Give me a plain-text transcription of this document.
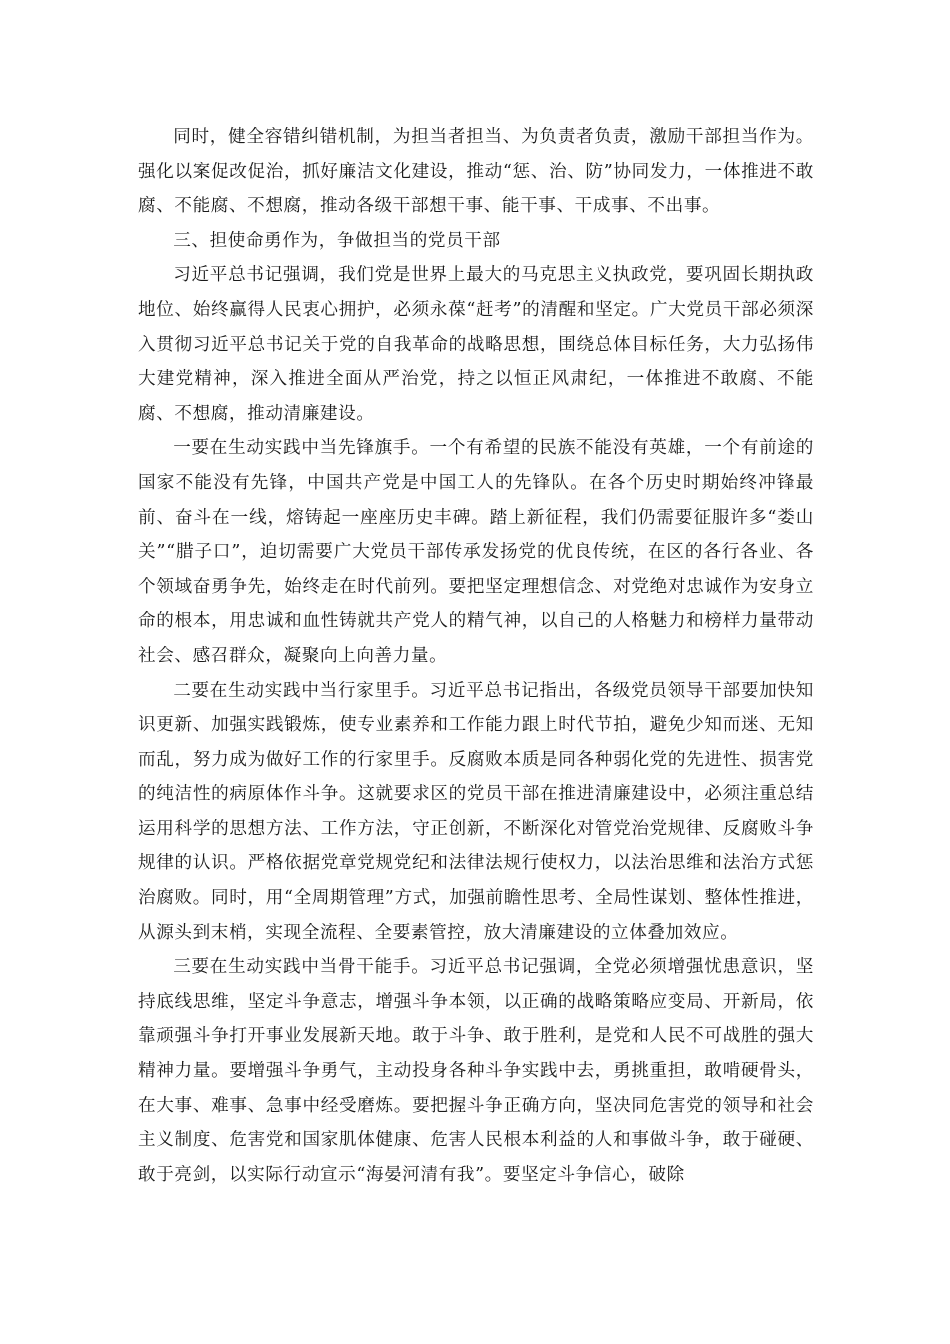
同时，健全容错纠错机制，为担当者担当、为负责者负责，激励干部担当作为。强化以案促改促治，抓好廉洁文化建设，推动“惩、治、防”协同发力，一体推进不敢腐、不能腐、不想腐，推动各级干部想干事、能干事、干成事、不出事。

三、担使命勇作为，争做担当的党员干部

习近平总书记强调，我们党是世界上最大的马克思主义执政党，要巩固长期执政地位、始终赢得人民衷心拥护，必须永葆“赶考”的清醒和坚定。广大党员干部必须深入贯彻习近平总书记关于党的自我革命的战略思想，围绕总体目标任务，大力弘扬伟大建党精神，深入推进全面从严治党，持之以恒正风肃纪，一体推进不敢腐、不能腐、不想腐，推动清廉建设。

一要在生动实践中当先锋旗手。一个有希望的民族不能没有英雄，一个有前途的国家不能没有先锋，中国共产党是中国工人的先锋队。在各个历史时期始终冲锋最前、奋斗在一线，熔铸起一座座历史丰碑。踏上新征程，我们仍需要征服许多“娄山关”“腊子口”，迫切需要广大党员干部传承发扬党的优良传统，在区的各行各业、各个领域奋勇争先，始终走在时代前列。要把坚定理想信念、对党绝对忠诚作为安身立命的根本，用忠诚和血性铸就共产党人的精气神，以自己的人格魅力和榜样力量带动社会、感召群众，凝聚向上向善力量。

二要在生动实践中当行家里手。习近平总书记指出，各级党员领导干部要加快知识更新、加强实践锻炼，使专业素养和工作能力跟上时代节拍，避免少知而迷、无知而乱，努力成为做好工作的行家里手。反腐败本质是同各种弱化党的先进性、损害党的纯洁性的病原体作斗争。这就要求区的党员干部在推进清廉建设中，必须注重总结运用科学的思想方法、工作方法，守正创新，不断深化对管党治党规律、反腐败斗争规律的认识。严格依据党章党规党纪和法律法规行使权力，以法治思维和法治方式惩治腐败。同时，用“全周期管理”方式，加强前瞻性思考、全局性谋划、整体性推进，从源头到末梢，实现全流程、全要素管控，放大清廉建设的立体叠加效应。

三要在生动实践中当骨干能手。习近平总书记强调，全党必须增强忧患意识，坚持底线思维，坚定斗争意志，增强斗争本领，以正确的战略策略应变局、开新局，依靠顽强斗争打开事业发展新天地。敢于斗争、敢于胜利，是党和人民不可战胜的强大精神力量。要增强斗争勇气，主动投身各种斗争实践中去，勇挑重担，敢啃硬骨头，在大事、难事、急事中经受磨炼。要把握斗争正确方向，坚决同危害党的领导和社会主义制度、危害党和国家肌体健康、危害人民根本利益的人和事做斗争，敢于碰硬、敢于亮剑，以实际行动宣示“海晏河清有我”。要坚定斗争信心，破除
